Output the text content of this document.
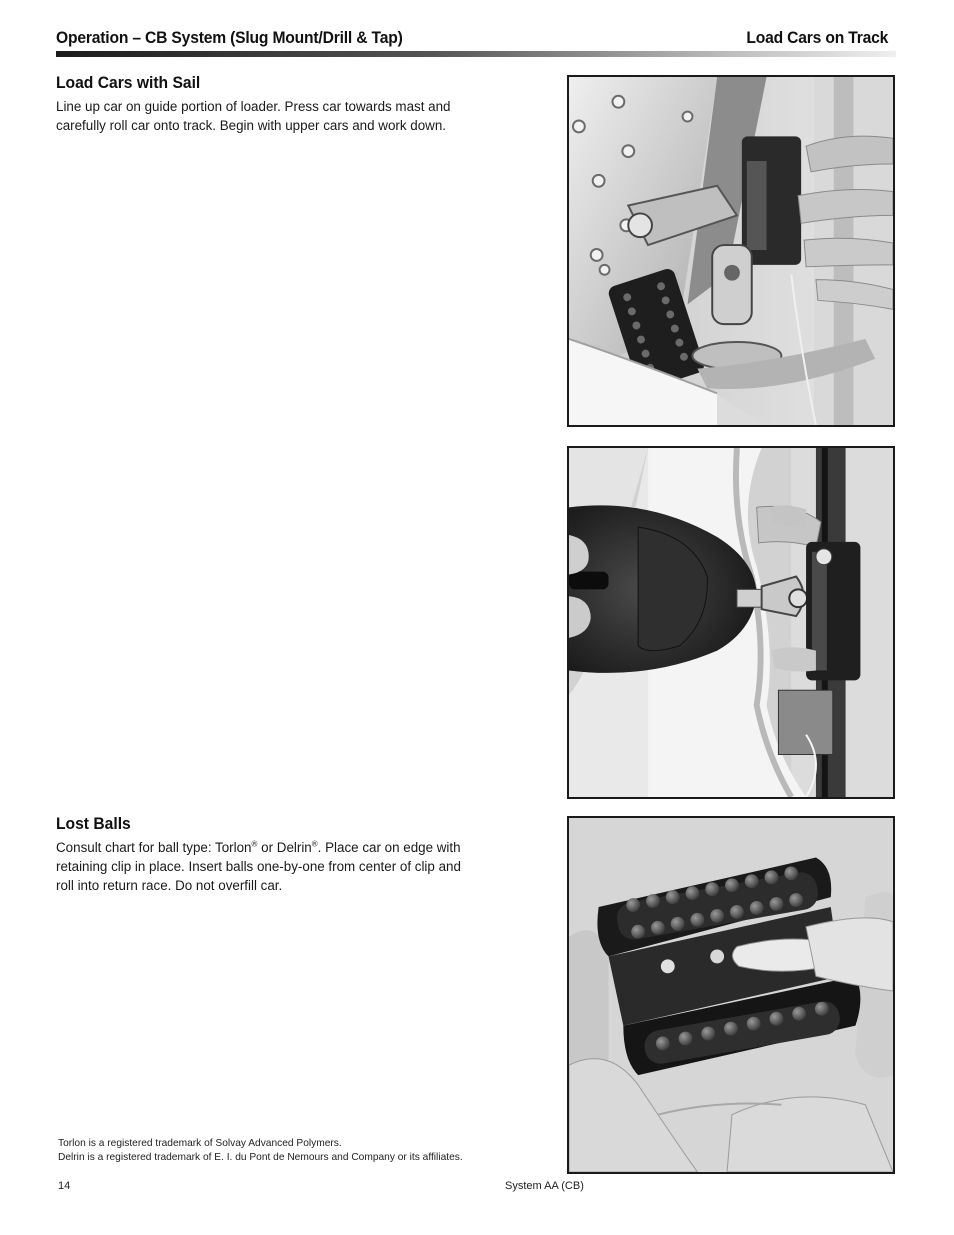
Operation – CB System (Slug Mount/Drill & Tap)	Load Cars on Track
Load Cars with Sail
Line up car on guide portion of loader. Press car towards mast and
carefully roll car onto track. Begin with upper cars and work down.
Lost Balls
Consult chart for ball type: Torlon® or Delrin®. Place car on edge with
retaining clip in place. Insert balls one-by-one from center of clip and
roll into return race. Do not overfill car.
Torlon is a registered trademark of Solvay Advanced Polymers.
Delrin is a registered trademark of E. I. du Pont de Nemours and Company or its affiliates.
14	System AA (CB)
